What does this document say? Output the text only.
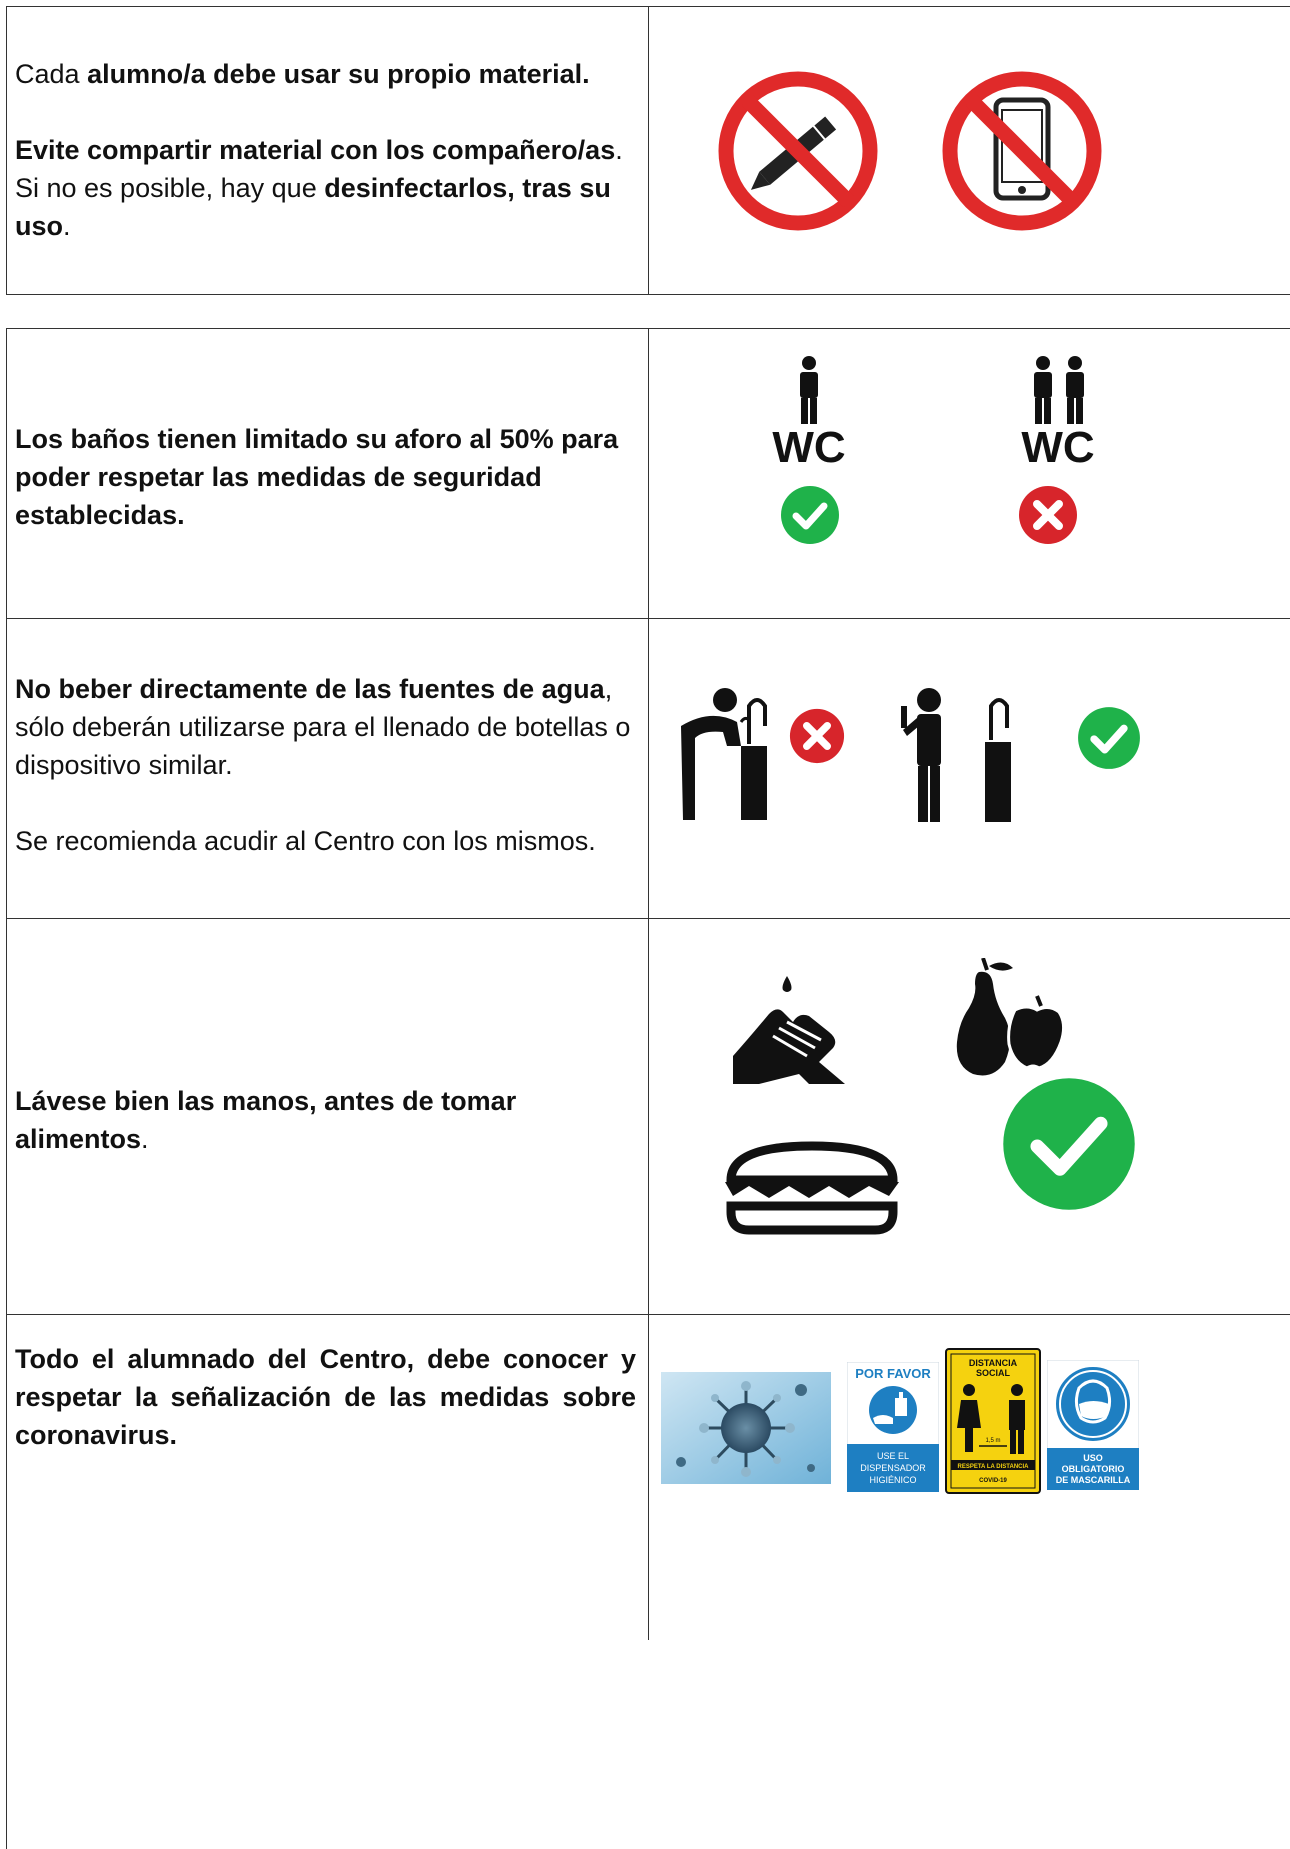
Cada alumno/a debe usar su propio material.

Evite compartir material con los compañero/as. Si no es posible, hay que desinfectarlos, tras su uso.

Los baños tienen limitado su aforo al 50% para poder respetar las medidas de seguridad establecidas.

WC	WC

No beber directamente de las fuentes de agua, sólo deberán utilizarse para el llenado de botellas o dispositivo similar.

Se recomienda acudir al Centro con los mismos.

Lávese bien las manos, antes de tomar alimentos.

Todo el alumnado del Centro, debe conocer y respetar la señalización de las medidas sobre coronavirus.

POR FAVOR
USE EL
DISPENSADOR
HIGIÉNICO
DISTANCIA
SOCIAL
1,5 m
RESPETA LA DISTANCIA
COVID-19
USO
OBLIGATORIO
DE MASCARILLA
